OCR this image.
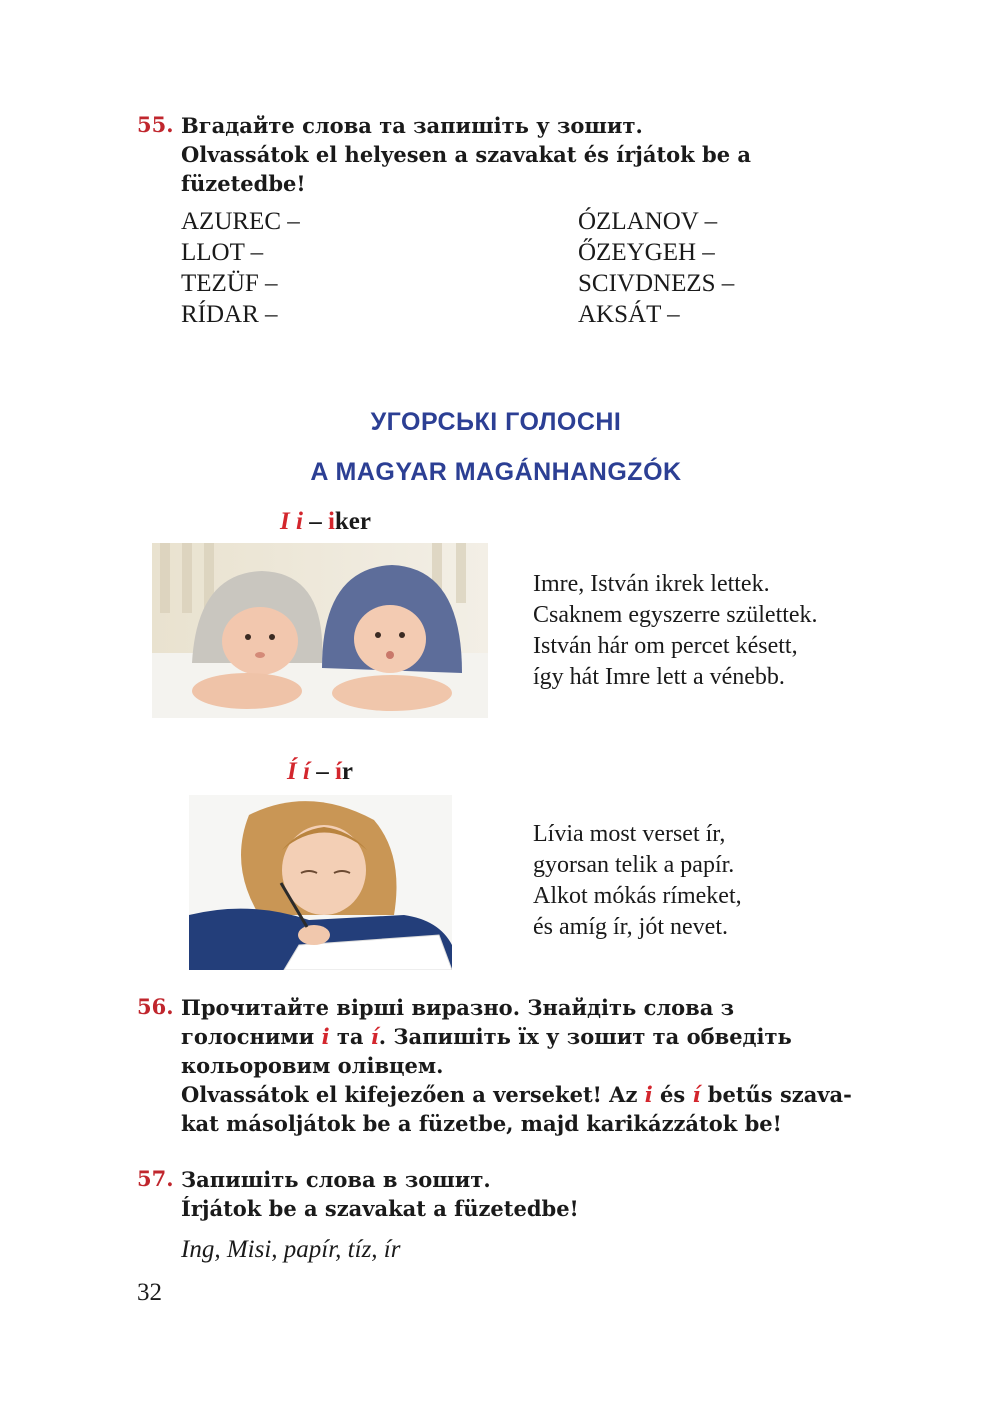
55. Вгадайте слова та запишіть у зошит.
Olvassátok el helyesen a szavakat és írjátok be a
füzetedbe!
AZUREC –
LLOT –
TEZÜF –
RÍDAR –
ÓZLANOV –
ŐZEYGEH –
SCIVDNEZS –
AKSÁT –
УГОРСЬКІ ГОЛОСНІ
A MAGYAR MAGÁNHANGZÓK
I i – iker
Imre, István ikrek lettek.
Csaknem egyszerre születtek.
István hár om percet késett,
így hát Imre lett a vénebb.
Í í – ír
Lívia most verset ír,
gyorsan telik a papír.
Alkot mókás rímeket,
és amíg ír, jót nevet.
56. Прочитайте вірші виразно. Знайдіть слова з
голосними i та í. Запишіть їх у зошит та обведіть
кольоровим олівцем.
Olvassátok el kifejezően a verseket! Az i és í betűs szava-
kat másoljátok be a füzetbe, majd karikázzátok be!
57. Запишіть слова в зошит.
Írjátok be a szavakat a füzetedbe!
Ing, Misi, papír, tíz, ír
32
